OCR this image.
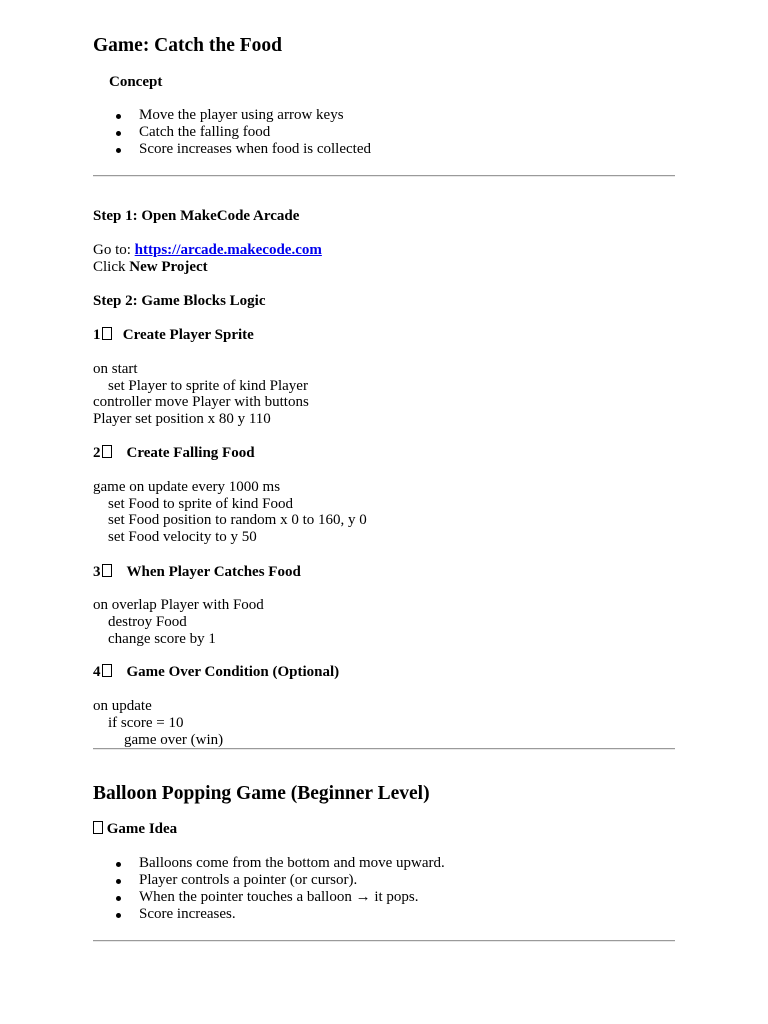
Game: Catch the Food
Concept
Move the player using arrow keys
Catch the falling food
Score increases when food is collected
Step 1: Open MakeCode Arcade
Go to: https://arcade.makecode.com
Click New Project
Step 2: Game Blocks Logic
1 Create Player Sprite
on start
set Player to sprite of kind Player
controller move Player with buttons
Player set position x 80 y 110
2 Create Falling Food
game on update every 1000 ms
set Food to sprite of kind Food
set Food position to random x 0 to 160, y 0
set Food velocity to y 50
3 When Player Catches Food
on overlap Player with Food
destroy Food
change score by 1
4 Game Over Condition (Optional)
on update
if score = 10
game over (win)
Balloon Popping Game (Beginner Level)
Game Idea
Balloons come from the bottom and move upward.
Player controls a pointer (or cursor).
When the pointer touches a balloon → it pops.
Score increases.
